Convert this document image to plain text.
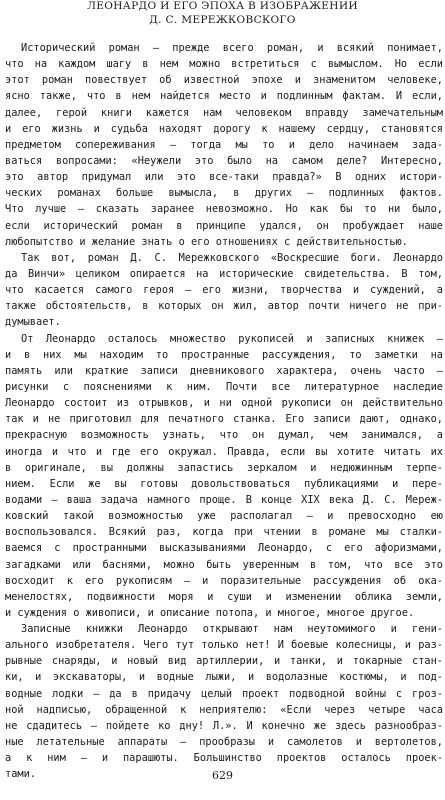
ЛЕОНАРДО И ЕГО ЭПОХА В ИЗОБРАЖЕНИИ
Д. С. МЕРЕЖКОВСКОГО
Исторический роман — прежде всего роман, и всякий понимает,
что на каждом шагу в нем можно встретиться с вымыслом. Но если
этот роман повествует об известной эпохе и знаменитом человеке,
ясно также, что в нем найдется место и подлинным фактам. И если,
далее, герой книги кажется нам человеком вправду замечательным
и его жизнь и судьба находят дорогу к нашему сердцу, становятся
предметом сопереживания — тогда мы то и дело начинаем зада-
ваться вопросами: «Неужели это было на самом деле? Интересно,
это автор придумал или это все-таки правда?» В одних истори-
ческих романах больше вымысла, в других — подлинных фактов.
Что лучше — сказать заранее невозможно. Но как бы то ни было,
если исторический роман в принципе удался, он пробуждает наше
любопытство и желание знать о его отношениях с действительностью.
Так вот, роман Д. С. Мережковского «Воскресшие боги. Леонардо
да Винчи» целиком опирается на исторические свидетельства. В том,
что касается самого героя — его жизни, творчества и суждений, а
также обстоятельств, в которых он жил, автор почти ничего не при-
думывает.
От Леонардо осталось множество рукописей и записных книжек —
и в них мы находим то пространные рассуждения, то заметки на
память или краткие записи дневникового характера, очень часто —
рисунки с пояснениями к ним. Почти все литературное наследие
Леонардо состоит из отрывков, и ни одной рукописи он действительно
так и не приготовил для печатного станка. Его записи дают, однако,
прекрасную возможность узнать, что он думал, чем занимался, а
иногда и что и где его окружал. Правда, если вы хотите читать их
в оригинале, вы должны запастись зеркалом и недюжинным терпе-
нием. Если же вы готовы довольствоваться публикациями и пере-
водами — ваша задача намного проще. В конце XIX века Д. С. Мереж-
ковский такой возможностью уже располагал — и превосходно ею
воспользовался. Всякий раз, когда при чтении в романе мы сталки-
ваемся с пространными высказываниями Леонардо, с его афоризмами,
загадками или баснями, можно быть уверенным в том, что все это
восходит к его рукописям — и поразительные рассуждения об ока-
менелостях, подвижности моря и суши и изменении облика земли,
и суждения о живописи, и описание потопа, и многое, многое другое.
Записные книжки Леонардо открывают нам неутомимого и гени-
ального изобретателя. Чего тут только нет! И боевые колесницы, и раз-
рывные снаряды, и новый вид артиллерии, и танки, и токарные стан-
ки, и экскаваторы, и водные лыжи, и водолазные костюмы, и под-
водные лодки — да в придачу целый проект подводной войны с гроз-
ной надписью, обращенной к неприятелю: «Если через четыре часа
не сдадитесь — пойдете ко дну! Л.». И конечно же здесь разнообраз-
ные летательные аппараты — прообразы и самолетов и вертолетов,
а к ним — и парашюты. Большинство проектов осталось проек-
тами.	629
